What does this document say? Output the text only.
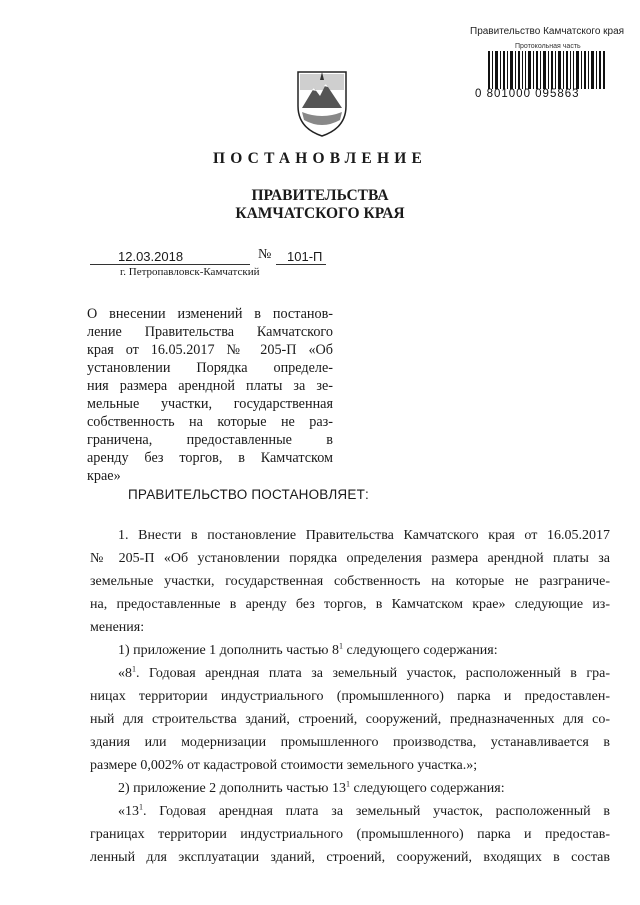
Правительство Камчатского края
Протокольная часть
0 801000 095863
ПОСТАНОВЛЕНИЕ
ПРАВИТЕЛЬСТВА
КАМЧАТСКОГО КРАЯ
12.03.2018	№ 101-П
г. Петропавловск-Камчатский
О внесении изменений в постанов-
ление Правительства Камчатского
края от 16.05.2017 № 205-П «Об
установлении Порядка определе-
ния размера арендной платы за зе-
мельные участки, государственная
собственность на которые не раз-
граничена, предоставленные в
аренду без торгов, в Камчатском
крае»
ПРАВИТЕЛЬСТВО ПОСТАНОВЛЯЕТ:
1. Внести в постановление Правительства Камчатского края от 16.05.2017
№ 205-П «Об установлении порядка определения размера арендной платы за
земельные участки, государственная собственность на которые не разграниче-
на, предоставленные в аренду без торгов, в Камчатском крае» следующие из-
менения:
1) приложение 1 дополнить частью $8^1$ следующего содержания:
«$8^1$. Годовая арендная плата за земельный участок, расположенный в гра-
ницах территории индустриального (промышленного) парка и предоставлен-
ный для строительства зданий, строений, сооружений, предназначенных для со-
здания или модернизации промышленного производства, устанавливается в
размере 0,002% от кадастровой стоимости земельного участка.»;
2) приложение 2 дополнить частью $13^1$ следующего содержания:
«$13^1$. Годовая арендная плата за земельный участок, расположенный в
границах территории индустриального (промышленного) парка и предостав-
ленный для эксплуатации зданий, строений, сооружений, входящих в состав
